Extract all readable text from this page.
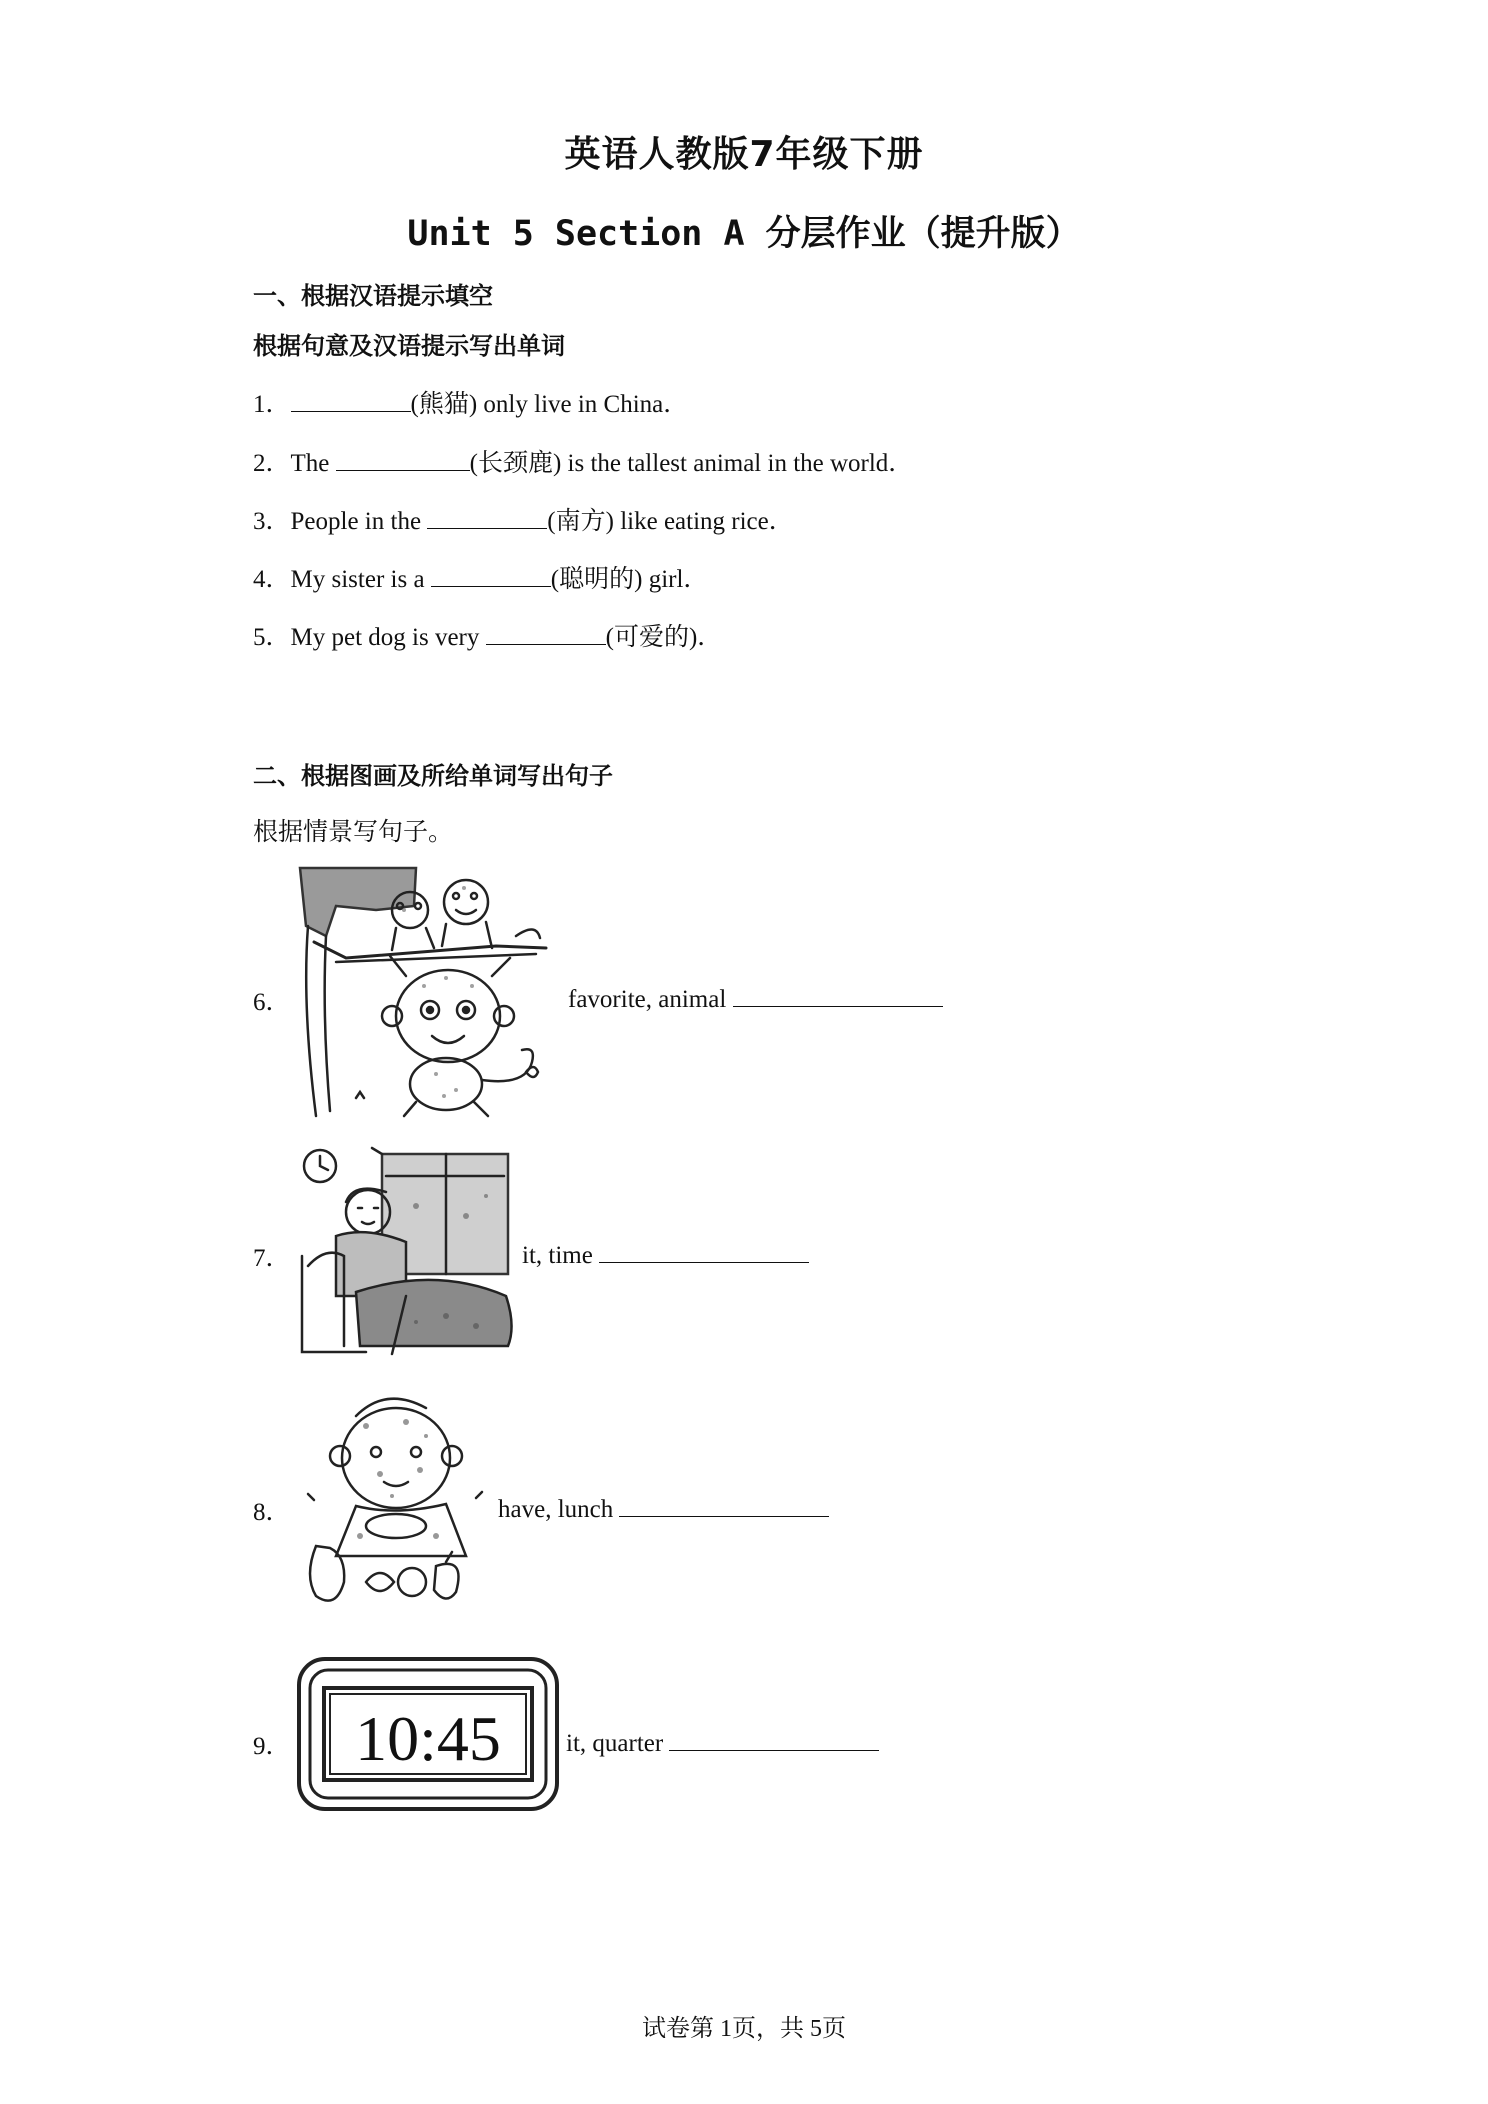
英语人教版7年级下册
Unit 5 Section A 分层作业（提升版）
一、根据汉语提示填空
根据句意及汉语提示写出单词
1．	(熊猫) only live in China．
2．The	(长颈鹿) is the tallest animal in the world．
3．People in the	(南方) like eating rice．
4．My sister is a	(聪明的) girl．
5．My pet dog is very	(可爱的)．
二、根据图画及所给单词写出句子
根据情景写句子。
6．	favorite, animal
7．	it, time
8．	have, lunch
9． 10:45	it, quarter
试卷第 1页，共 5页
